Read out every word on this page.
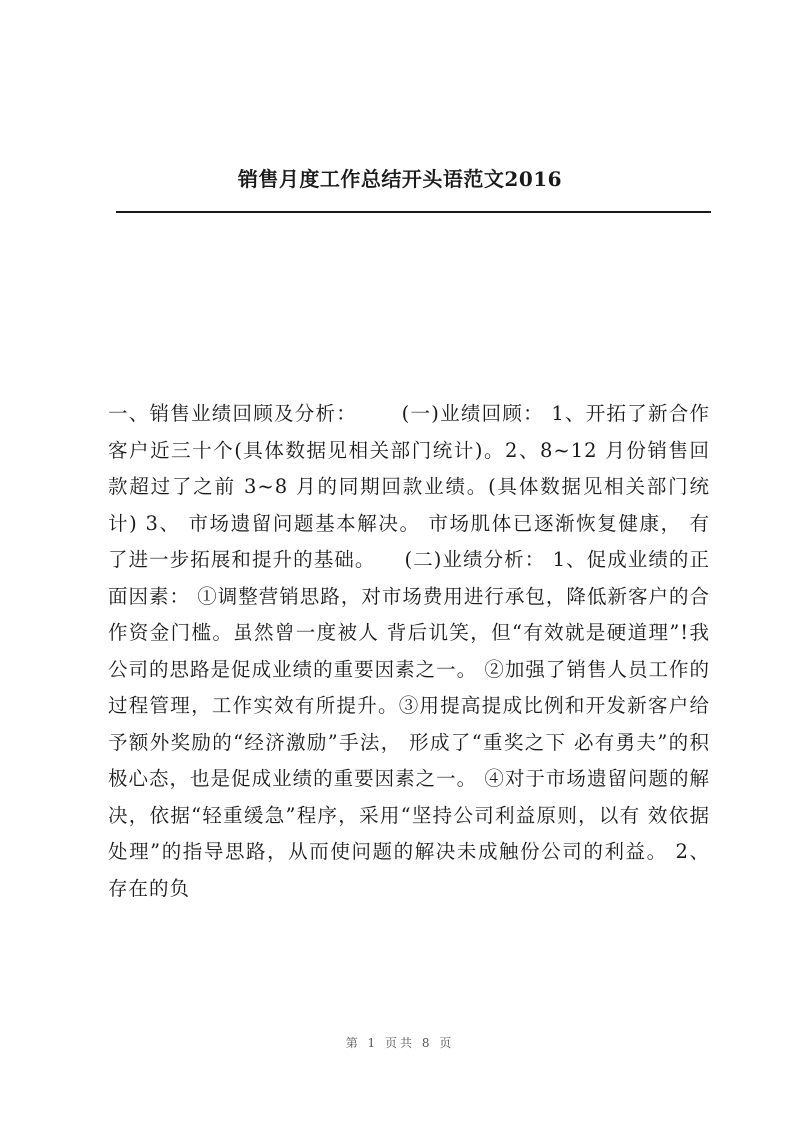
销售月度工作总结开头语范文2016

一、销售业绩回顾及分析：      (一)业绩回顾： 1、开拓了新合作客户近三十个(具体数据见相关部门统计)。2、8~12 月份销售回款超过了之前 3~8 月的同期回款业绩。(具体数据见相关部门统计) 3、 市场遗留问题基本解决。 市场肌体已逐渐恢复健康， 有了进一步拓展和提升的基础。    (二)业绩分析： 1、促成业绩的正面因素： ①调整营销思路，对市场费用进行承包，降低新客户的合作资金门槛。虽然曾一度被人 背后讥笑，但“有效就是硬道理”!我公司的思路是促成业绩的重要因素之一。 ②加强了销售人员工作的过程管理，工作实效有所提升。③用提高提成比例和开发新客户给予额外奖励的“经济激励”手法， 形成了“重奖之下 必有勇夫”的积极心态，也是促成业绩的重要因素之一。 ④对于市场遗留问题的解决，依据“轻重缓急”程序，采用“坚持公司利益原则，以有 效依据处理”的指导思路，从而使问题的解决未成触份公司的利益。 2、存在的负

第 1 页共 8 页
